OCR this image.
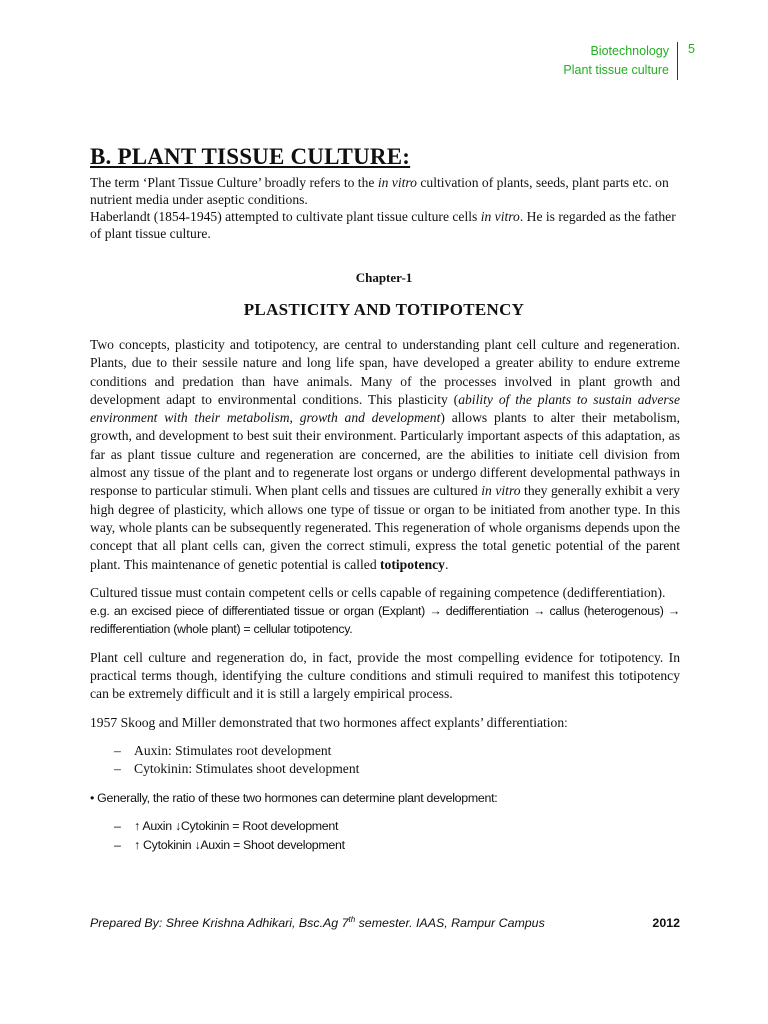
Biotechnology
Plant tissue culture
5
B. PLANT TISSUE CULTURE:

The term ‘Plant Tissue Culture’ broadly refers to the in vitro cultivation of plants, seeds, plant parts etc. on nutrient media under aseptic conditions.

Haberlandt (1854-1945) attempted to cultivate plant tissue culture cells in vitro. He is regarded as the father of plant tissue culture.

Chapter-1
PLASTICITY AND TOTIPOTENCY

Two concepts, plasticity and totipotency, are central to understanding plant cell culture and regeneration. Plants, due to their sessile nature and long life span, have developed a greater ability to endure extreme conditions and predation than have animals. Many of the processes involved in plant growth and development adapt to environmental conditions. This plasticity (ability of the plants to sustain adverse environment with their metabolism, growth and development) allows plants to alter their metabolism, growth, and development to best suit their environment. Particularly important aspects of this adaptation, as far as plant tissue culture and regeneration are concerned, are the abilities to initiate cell division from almost any tissue of the plant and to regenerate lost organs or undergo different developmental pathways in response to particular stimuli. When plant cells and tissues are cultured in vitro they generally exhibit a very high degree of plasticity, which allows one type of tissue or organ to be initiated from another type. In this way, whole plants can be subsequently regenerated. This regeneration of whole organisms depends upon the concept that all plant cells can, given the correct stimuli, express the total genetic potential of the parent plant. This maintenance of genetic potential is called totipotency.

Cultured tissue must contain competent cells or cells capable of regaining competence (dedifferentiation).
e.g. an excised piece of differentiated tissue or organ (Explant) → dedifferentiation → callus (heterogenous) → redifferentiation (whole plant) = cellular totipotency.

Plant cell culture and regeneration do, in fact, provide the most compelling evidence for totipotency. In practical terms though, identifying the culture conditions and stimuli required to manifest this totipotency can be extremely difficult and it is still a largely empirical process.

1957 Skoog and Miller demonstrated that two hormones affect explants’ differentiation:

– Auxin: Stimulates root development
– Cytokinin: Stimulates shoot development

• Generally, the ratio of these two hormones can determine plant development:

– ↑ Auxin ↓Cytokinin = Root development
– ↑ Cytokinin ↓Auxin = Shoot development
Prepared By: Shree Krishna Adhikari, Bsc.Ag 7th semester. IAAS, Rampur Campus	2012
